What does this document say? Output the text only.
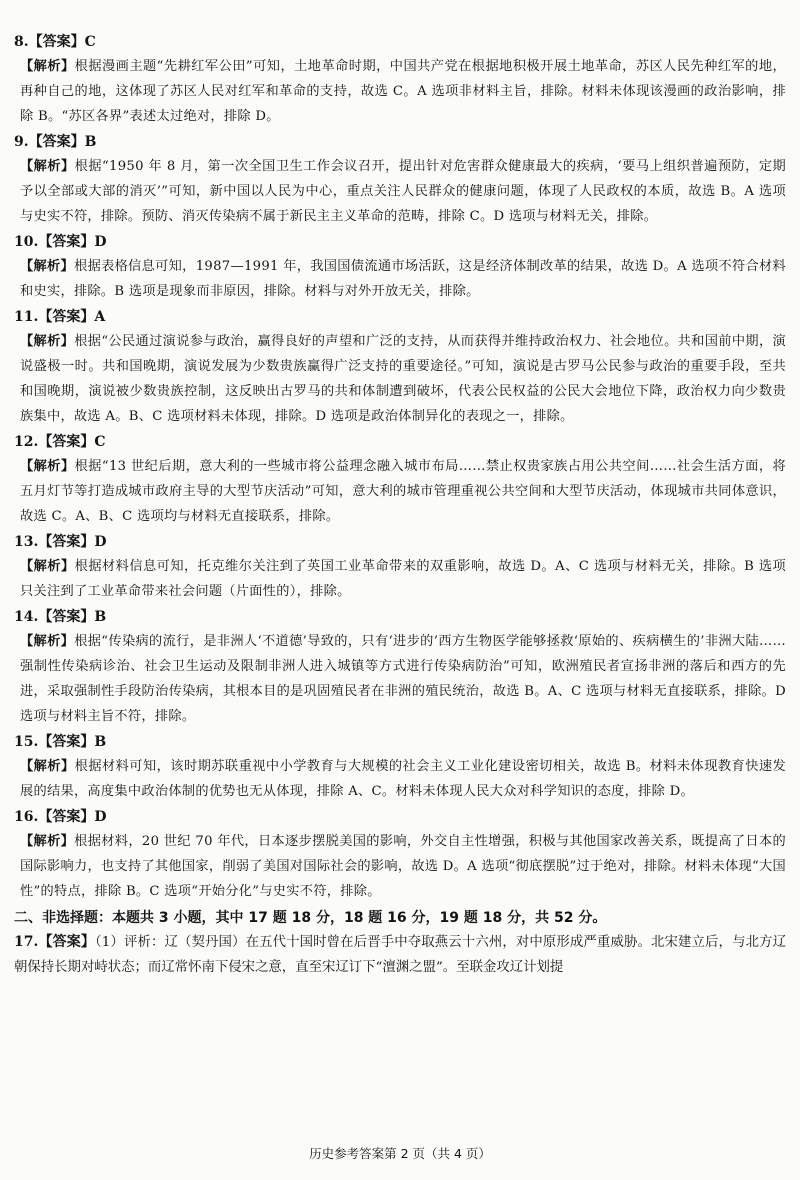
8.【答案】C
【解析】根据漫画主题“先耕红军公田”可知，土地革命时期，中国共产党在根据地积极开展土地革命，苏区人民先种红军的地，再种自己的地，这体现了苏区人民对红军和革命的支持，故选 C。A 选项非材料主旨，排除。材料未体现该漫画的政治影响，排除 B。“苏区各界”表述太过绝对，排除 D。
9.【答案】B
【解析】根据“1950 年 8 月，第一次全国卫生工作会议召开，提出针对危害群众健康最大的疾病，‘要马上组织普遍预防，定期予以全部或大部的消灭’”可知，新中国以人民为中心，重点关注人民群众的健康问题，体现了人民政权的本质，故选 B。A 选项与史实不符，排除。预防、消灭传染病不属于新民主主义革命的范畴，排除 C。D 选项与材料无关，排除。
10.【答案】D
【解析】根据表格信息可知，1987—1991 年，我国国债流通市场活跃，这是经济体制改革的结果，故选 D。A 选项不符合材料和史实，排除。B 选项是现象而非原因，排除。材料与对外开放无关，排除。
11.【答案】A
【解析】根据“公民通过演说参与政治，赢得良好的声望和广泛的支持，从而获得并维持政治权力、社会地位。共和国前中期，演说盛极一时。共和国晚期，演说发展为少数贵族赢得广泛支持的重要途径。”可知，演说是古罗马公民参与政治的重要手段，至共和国晚期，演说被少数贵族控制，这反映出古罗马的共和体制遭到破坏，代表公民权益的公民大会地位下降，政治权力向少数贵族集中，故选 A。B、C 选项材料未体现，排除。D 选项是政治体制异化的表现之一，排除。
12.【答案】C
【解析】根据“13 世纪后期，意大利的一些城市将公益理念融入城市布局……禁止权贵家族占用公共空间……社会生活方面，将五月灯节等打造成城市政府主导的大型节庆活动”可知，意大利的城市管理重视公共空间和大型节庆活动，体现城市共同体意识，故选 C。A、B、C 选项均与材料无直接联系，排除。
13.【答案】D
【解析】根据材料信息可知，托克维尔关注到了英国工业革命带来的双重影响，故选 D。A、C 选项与材料无关，排除。B 选项只关注到了工业革命带来社会问题（片面性的），排除。
14.【答案】B
【解析】根据“传染病的流行，是非洲人‘不道德’导致的，只有‘进步的’西方生物医学能够拯救‘原始的、疾病横生的’非洲大陆……强制性传染病诊治、社会卫生运动及限制非洲人进入城镇等方式进行传染病防治”可知，欧洲殖民者宣扬非洲的落后和西方的先进，采取强制性手段防治传染病，其根本目的是巩固殖民者在非洲的殖民统治，故选 B。A、C 选项与材料无直接联系，排除。D 选项与材料主旨不符，排除。
15.【答案】B
【解析】根据材料可知，该时期苏联重视中小学教育与大规模的社会主义工业化建设密切相关，故选 B。材料未体现教育快速发展的结果，高度集中政治体制的优势也无从体现，排除 A、C。材料未体现人民大众对科学知识的态度，排除 D。
16.【答案】D
【解析】根据材料，20 世纪 70 年代，日本逐步摆脱美国的影响，外交自主性增强，积极与其他国家改善关系，既提高了日本的国际影响力，也支持了其他国家，削弱了美国对国际社会的影响，故选 D。A 选项“彻底摆脱”过于绝对，排除。材料未体现“大国性”的特点，排除 B。C 选项“开始分化”与史实不符，排除。
二、非选择题：本题共 3 小题，其中 17 题 18 分，18 题 16 分，19 题 18 分，共 52 分。
17.【答案】（1）评析：辽（契丹国）在五代十国时曾在后晋手中夺取燕云十六州，对中原形成严重威胁。北宋建立后，与北方辽朝保持长期对峙状态；而辽常怀南下侵宋之意，直至宋辽订下“澶渊之盟”。至联金攻辽计划提
历史参考答案第 2 页（共 4 页）
